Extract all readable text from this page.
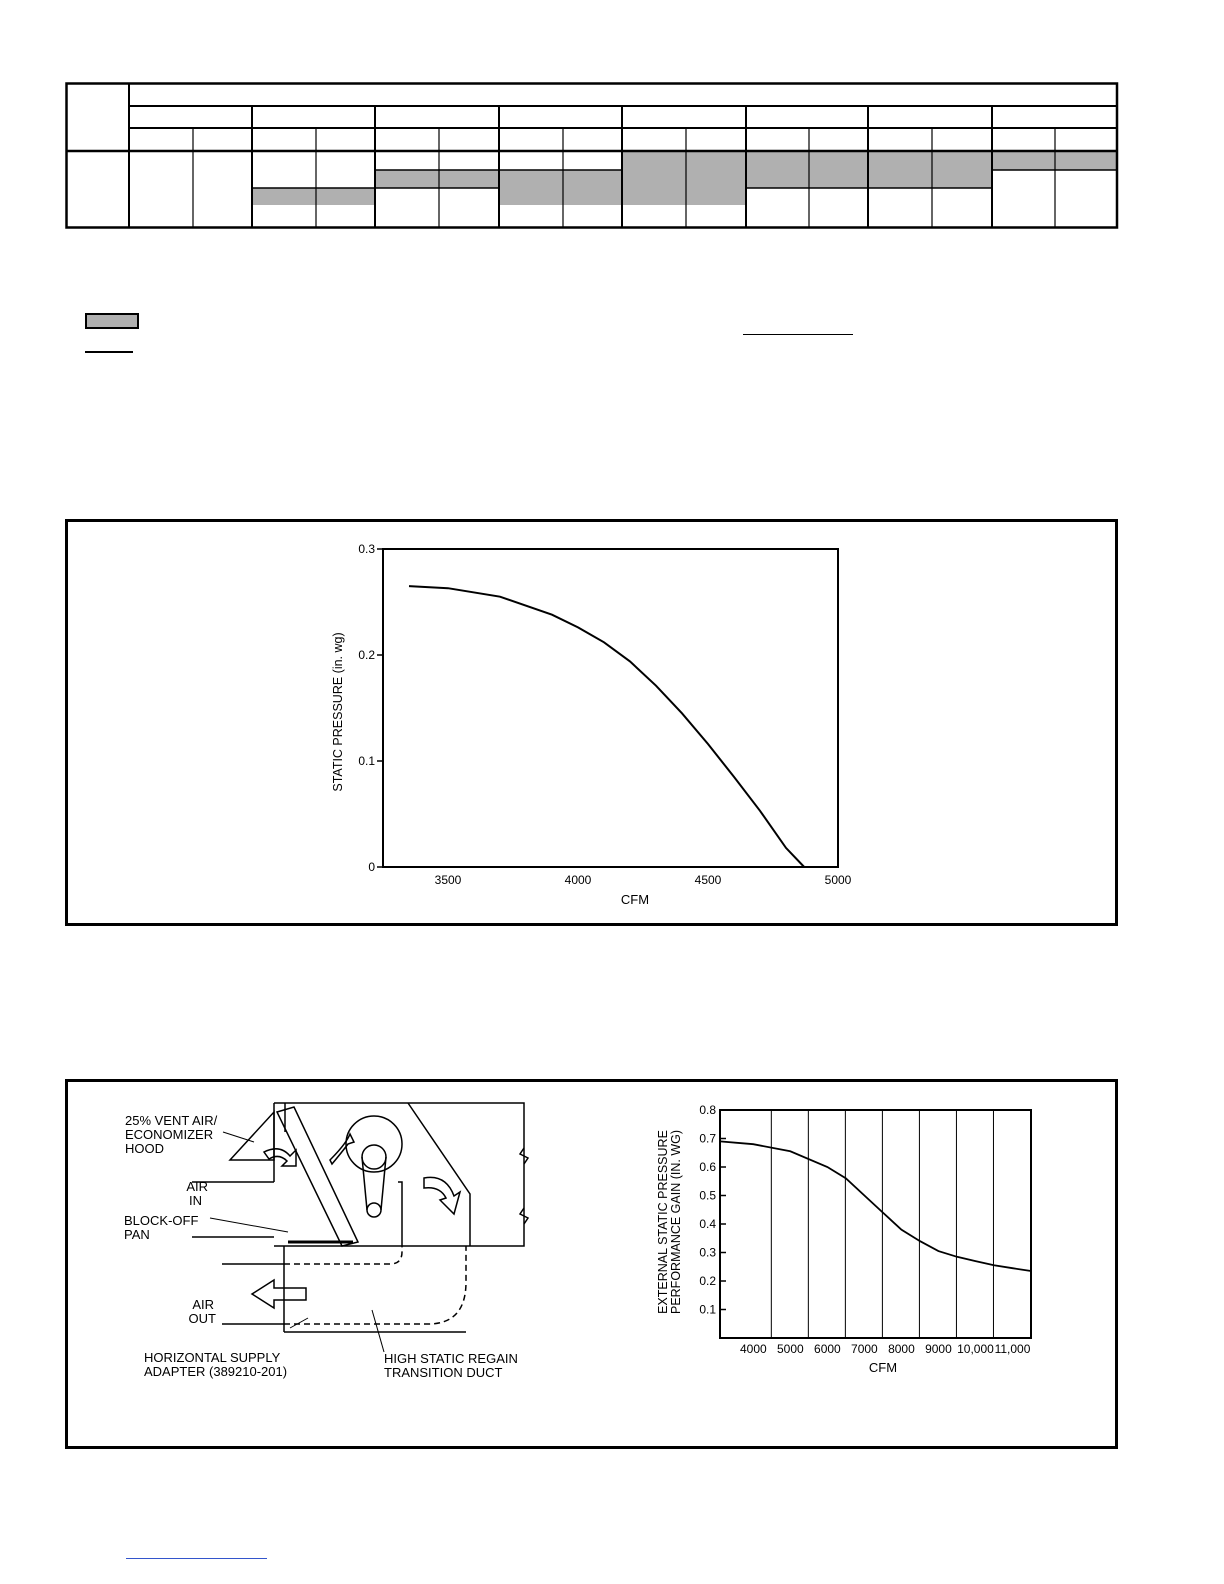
0
0.1
0.2
0.3
3500	4000	4500	5000
STATIC PRESSURE (in. wg)
CFM
25% VENT AIR/
ECONOMIZER
HOOD
AIR
IN
BLOCK-OFF
PAN
AIR
OUT
HORIZONTAL SUPPLY
ADAPTER (389210-201)
HIGH STATIC REGAIN
TRANSITION DUCT
0.1
0.2
0.3
0.4
0.5
0.6
0.7
0.8
4000 5000 6000 7000 8000 9000 10,000 11,000
EXTERNAL STATIC PRESSURE PERFORMANCE GAIN (IN. WG)
CFM
